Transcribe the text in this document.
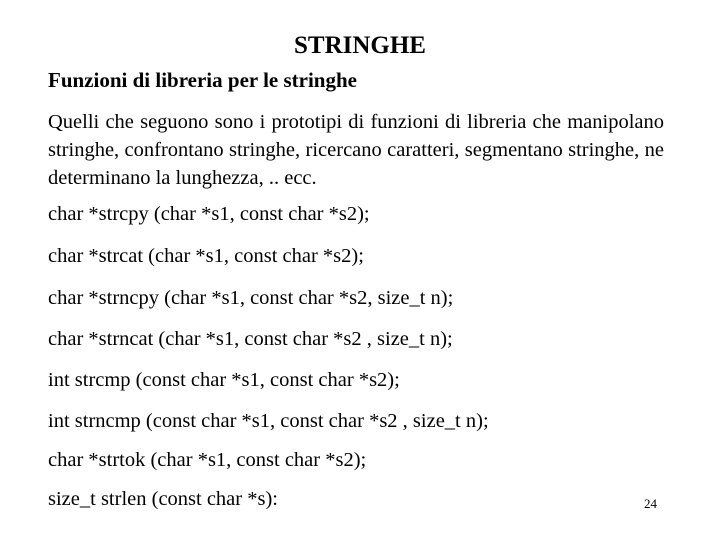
STRINGHE
Funzioni di libreria per le stringhe
Quelli che seguono sono i prototipi di funzioni di libreria che manipolano stringhe, confrontano stringhe, ricercano caratteri, segmentano stringhe, ne determinano la lunghezza, .. ecc.
char *strcpy (char *s1, const char *s2);
char *strcat (char *s1, const char *s2);
char *strncpy (char *s1, const char *s2, size_t n);
char *strncat (char *s1, const char *s2 , size_t n);
int strcmp (const char *s1, const char *s2);
int strncmp (const char *s1, const char *s2 , size_t n);
char *strtok (char *s1, const char *s2);
size_t strlen (const char *s):	24
